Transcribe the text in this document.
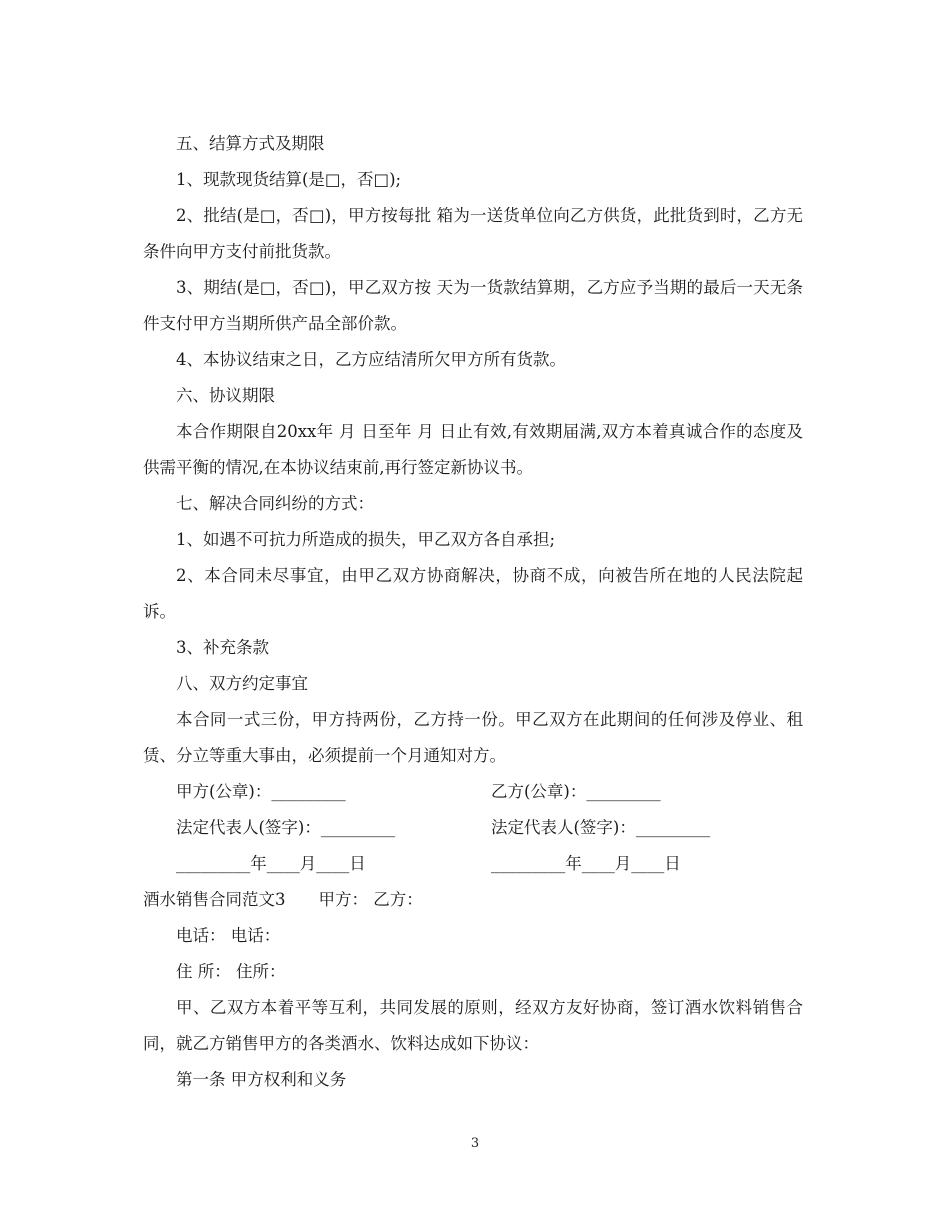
五、结算方式及期限

1、现款现货结算(是□，否□);

2、批结(是□，否□)，甲方按每批 箱为一送货单位向乙方供货，此批货到时，乙方无条件向甲方支付前批货款。

3、期结(是□，否□)，甲乙双方按 天为一货款结算期，乙方应予当期的最后一天无条件支付甲方当期所供产品全部价款。

4、本协议结束之日，乙方应结清所欠甲方所有货款。

六、协议期限

本合作期限自20xx年 月 日至年 月 日止有效,有效期届满,双方本着真诚合作的态度及供需平衡的情况,在本协议结束前,再行签定新协议书。

七、解决合同纠纷的方式：

1、如遇不可抗力所造成的损失，甲乙双方各自承担;

2、本合同未尽事宜，由甲乙双方协商解决，协商不成，向被告所在地的人民法院起诉。

3、补充条款

八、双方约定事宜

本合同一式三份，甲方持两份，乙方持一份。甲乙双方在此期间的任何涉及停业、租赁、分立等重大事由，必须提前一个月通知对方。

甲方(公章)：_________	乙方(公章)：_________
法定代表人(签字)：_________	法定代表人(签字)：_________
_________年____月____日	_________年____月____日

酒水销售合同范文3　　甲方： 乙方：

电话： 电话：

住 所： 住所：

甲、乙双方本着平等互利，共同发展的原则，经双方友好协商，签订酒水饮料销售合同，就乙方销售甲方的各类酒水、饮料达成如下协议：

第一条 甲方权利和义务

3
